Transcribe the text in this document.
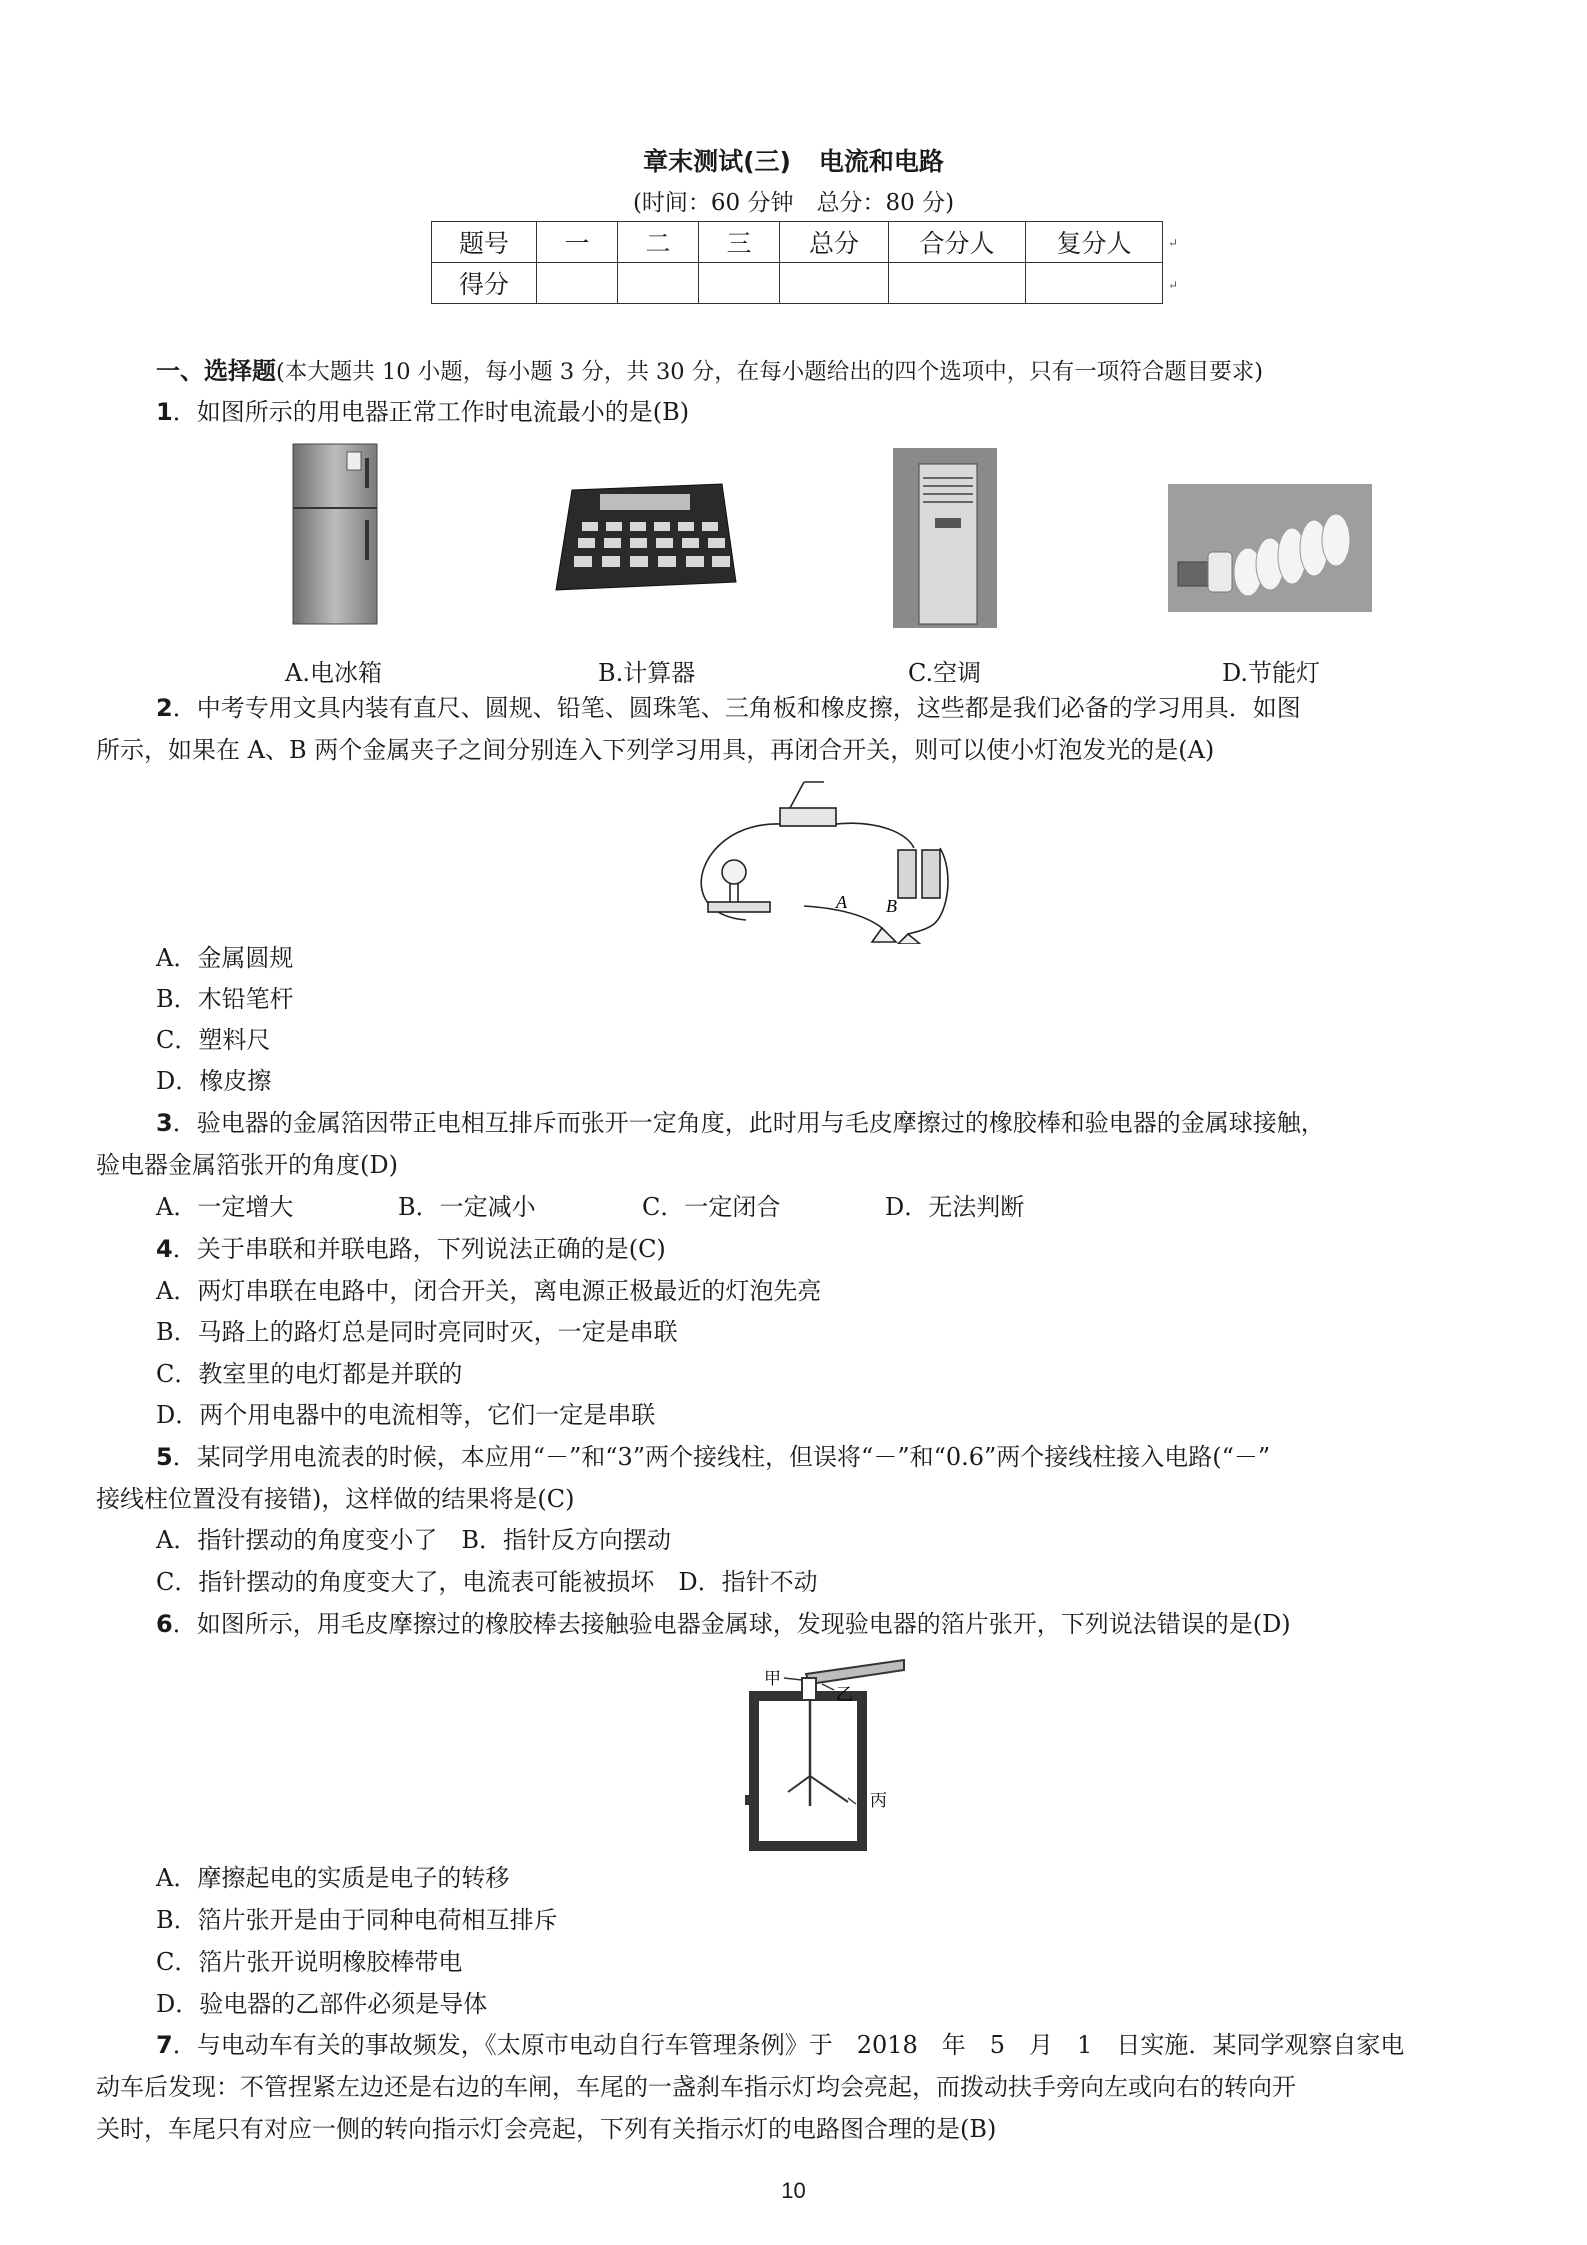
章末测试(三) 电流和电路
(时间：60 分钟　总分：80 分)
题号	一	二	三	总分	合分人	复分人
得分						
↵
↵
一、选择题(本大题共 10 小题，每小题 3 分，共 30 分，在每小题给出的四个选项中，只有一项符合题目要求)
1．如图所示的用电器正常工作时电流最小的是(B)
A.电冰箱	B.计算器	C.空调	D.节能灯
2．中考专用文具内装有直尺、圆规、铅笔、圆珠笔、三角板和橡皮擦，这些都是我们必备的学习用具．如图
所示，如果在 A、B 两个金属夹子之间分别连入下列学习用具，再闭合开关，则可以使小灯泡发光的是(A)
A B
A．金属圆规
B．木铅笔杆
C．塑料尺
D．橡皮擦
3．验电器的金属箔因带正电相互排斥而张开一定角度，此时用与毛皮摩擦过的橡胶棒和验电器的金属球接触，
验电器金属箔张开的角度(D)
A．一定增大	B．一定减小	C．一定闭合	D．无法判断
4．关于串联和并联电路，下列说法正确的是(C)
A．两灯串联在电路中，闭合开关，离电源正极最近的灯泡先亮
B．马路上的路灯总是同时亮同时灭，一定是串联
C．教室里的电灯都是并联的
D．两个用电器中的电流相等，它们一定是串联
5．某同学用电流表的时候，本应用“－”和“3”两个接线柱，但误将“－”和“0.6”两个接线柱接入电路(“－”
接线柱位置没有接错)，这样做的结果将是(C)
A．指针摆动的角度变小了　B．指针反方向摆动
C．指针摆动的角度变大了，电流表可能被损坏　D．指针不动
6．如图所示，用毛皮摩擦过的橡胶棒去接触验电器金属球，发现验电器的箔片张开，下列说法错误的是(D)
甲
乙
丙
A．摩擦起电的实质是电子的转移
B．箔片张开是由于同种电荷相互排斥
C．箔片张开说明橡胶棒带电
D．验电器的乙部件必须是导体
7．与电动车有关的事故频发，《太原市电动自行车管理条例》于　2018　年　5　月　1　日实施．某同学观察自家电
动车后发现：不管捏紧左边还是右边的车闸，车尾的一盏刹车指示灯均会亮起，而拨动扶手旁向左或向右的转向开
关时，车尾只有对应一侧的转向指示灯会亮起，下列有关指示灯的电路图合理的是(B)
10
